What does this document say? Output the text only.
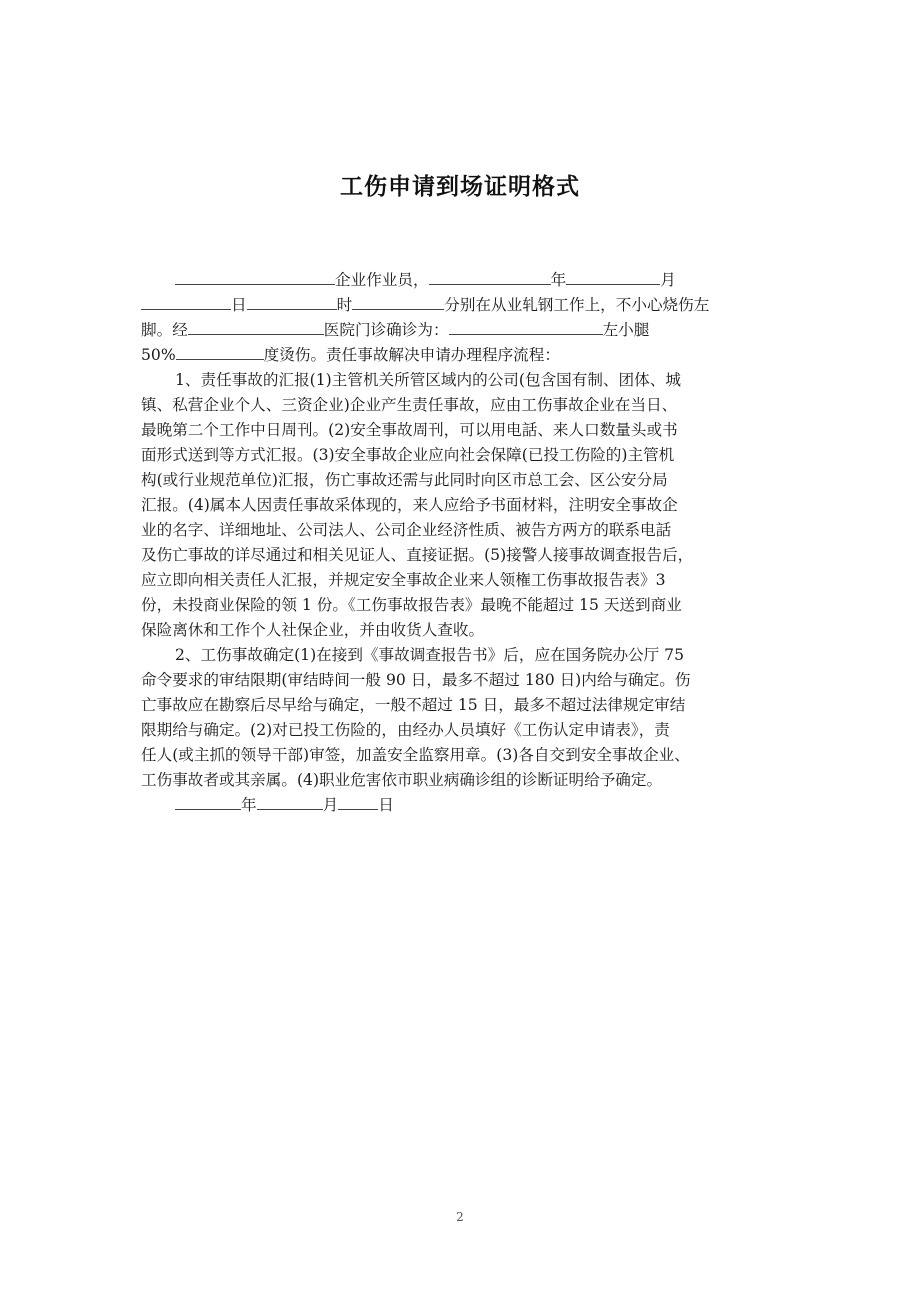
工伤申请到场证明格式
企业作业员，	年	月
日	时	分别在从业轧钢工作上，不小心烧伤左
脚。经	医院门诊确诊为：	左小腿
50%	度烫伤。责任事故解决申请办理程序流程：
1、责任事故的汇报(1)主管机关所管区域内的公司(包含国有制、团体、城
镇、私营企业个人、三资企业)企业产生责任事故，应由工伤事故企业在当日、
最晚第二个工作中日周刊。(2)安全事故周刊，可以用电話、来人口数量头或书
面形式送到等方式汇报。(3)安全事故企业应向社会保障(已投工伤险的)主管机
构(或行业规范单位)汇报，伤亡事故还需与此同时向区市总工会、区公安分局
汇报。(4)属本人因责任事故采体现的，来人应给予书面材料，注明安全事故企
业的名字、详细地址、公司法人、公司企业经济性质、被告方两方的联系电話
及伤亡事故的详尽通过和相关见证人、直接证据。(5)接警人接事故调查报告后，
应立即向相关责任人汇报，并规定安全事故企业来人领権工伤事故报告表》3
份，未投商业保险的领 1 份。《工伤事故报告表》最晚不能超过 15 天送到商业
保险离休和工作个人社保企业，并由收货人查收。
2、工伤事故确定(1)在接到《事故调查报告书》后，应在国务院办公厅 75
命令要求的审结限期(审结時间一般 90 日，最多不超过 180 日)内给与确定。伤
亡事故应在勘察后尽早给与确定，一般不超过 15 日，最多不超过法律规定审结
限期给与确定。(2)对已投工伤险的，由经办人员填好《工伤认定申请表》，责
任人(或主抓的领导干部)审签，加盖安全监察用章。(3)各自交到安全事故企业、
工伤事故者或其亲属。(4)职业危害依市职业病确诊组的诊断证明给予确定。
年	月	日
2
